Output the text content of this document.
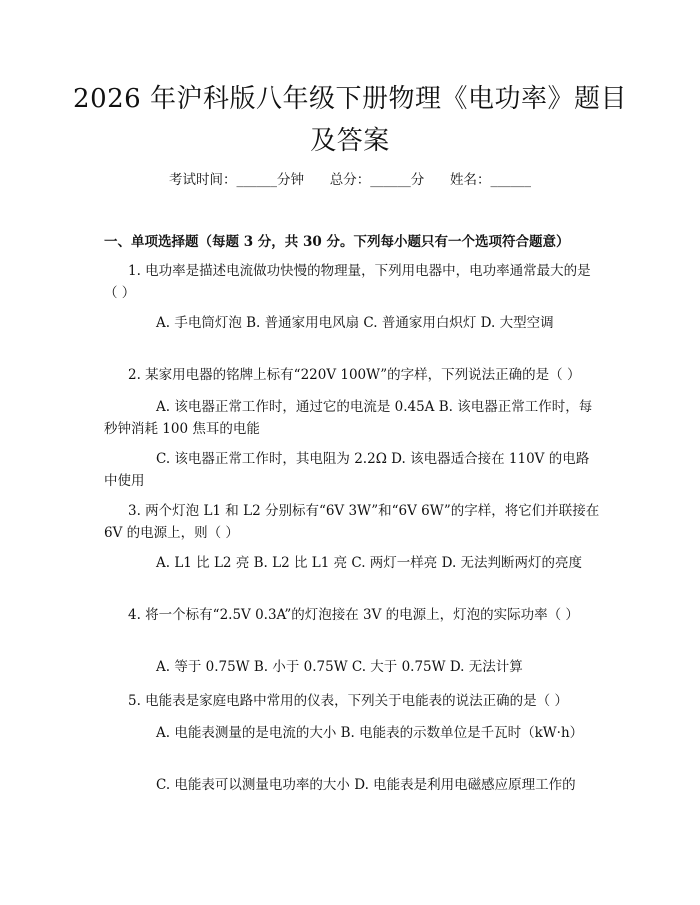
2026 年沪科版八年级下册物理《电功率》题目及答案
考试时间：______分钟      总分：______分      姓名：______
一、单项选择题（每题 3 分，共 30 分。下列每小题只有一个选项符合题意）
1. 电功率是描述电流做功快慢的物理量，下列用电器中，电功率通常最大的是（ ）
A. 手电筒灯泡 B. 普通家用电风扇 C. 普通家用白炽灯 D. 大型空调
2. 某家用电器的铭牌上标有“220V 100W”的字样，下列说法正确的是（ ）
A. 该电器正常工作时，通过它的电流是 0.45A B. 该电器正常工作时，每秒钟消耗 100 焦耳的电能
C. 该电器正常工作时，其电阻为 2.2Ω D. 该电器适合接在 110V 的电路中使用
3. 两个灯泡 L1 和 L2 分别标有“6V 3W”和“6V 6W”的字样，将它们并联接在 6V 的电源上，则（ ）
A. L1 比 L2 亮 B. L2 比 L1 亮 C. 两灯一样亮 D. 无法判断两灯的亮度
4. 将一个标有“2.5V 0.3A”的灯泡接在 3V 的电源上，灯泡的实际功率（ ）
A. 等于 0.75W B. 小于 0.75W C. 大于 0.75W D. 无法计算
5. 电能表是家庭电路中常用的仪表，下列关于电能表的说法正确的是（ ）
A. 电能表测量的是电流的大小 B. 电能表的示数单位是千瓦时（kW·h）
C. 电能表可以测量电功率的大小 D. 电能表是利用电磁感应原理工作的
